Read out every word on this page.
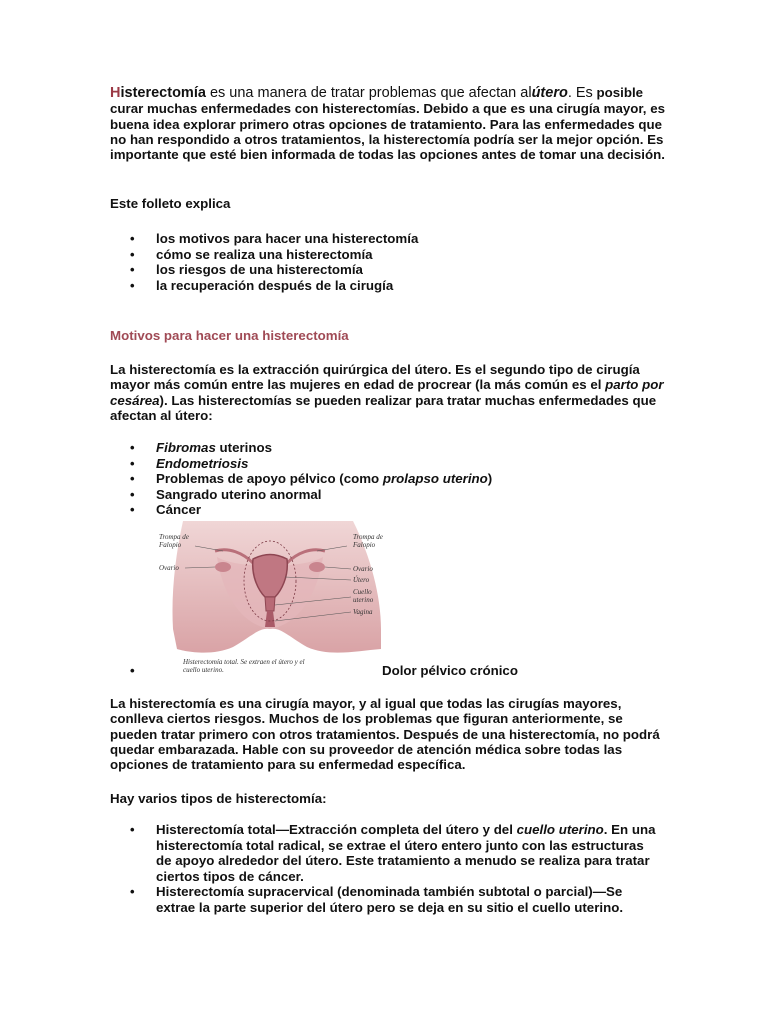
Histerectomía es una manera de tratar problemas que afectan alútero. Es posible curar muchas enfermedades con histerectomías. Debido a que es una cirugía mayor, es buena idea explorar primero otras opciones de tratamiento. Para las enfermedades que no han respondido a otros tratamientos, la histerectomía podría ser la mejor opción. Es importante que esté bien informada de todas las opciones antes de tomar una decisión.

Este folleto explica

• los motivos para hacer una histerectomía
• cómo se realiza una histerectomía
• los riesgos de una histerectomía
• la recuperación después de la cirugía
Motivos para hacer una histerectomía

La histerectomía es la extracción quirúrgica del útero. Es el segundo tipo de cirugía mayor más común entre las mujeres en edad de procrear (la más común es el parto por cesárea). Las histerectomías se pueden realizar para tratar muchas enfermedades que afectan al útero:

• Fibromas uterinos
• Endometriosis
• Problemas de apoyo pélvico (como prolapso uterino)
• Sangrado uterino anormal
• Cáncer
Trompa de Falopio
Ovario
Trompa de Falopio
Ovario
Útero
Cuello uterino
Vagina
Histerectomía total. Se extraen el útero y el cuello uterino.
•	Dolor pélvico crónico

La histerectomía es una cirugía mayor, y al igual que todas las cirugías mayores, conlleva ciertos riesgos. Muchos de los problemas que figuran anteriormente, se pueden tratar primero con otros tratamientos. Después de una histerectomía, no podrá quedar embarazada. Hable con su proveedor de atención médica sobre todas las opciones de tratamiento para su enfermedad específica.

Hay varios tipos de histerectomía:

• Histerectomía total—Extracción completa del útero y del cuello uterino. En una histerectomía total radical, se extrae el útero entero junto con las estructuras de apoyo alrededor del útero. Este tratamiento a menudo se realiza para tratar ciertos tipos de cáncer.
• Histerectomía supracervical (denominada también subtotal o parcial)—Se extrae la parte superior del útero pero se deja en su sitio el cuello uterino.
